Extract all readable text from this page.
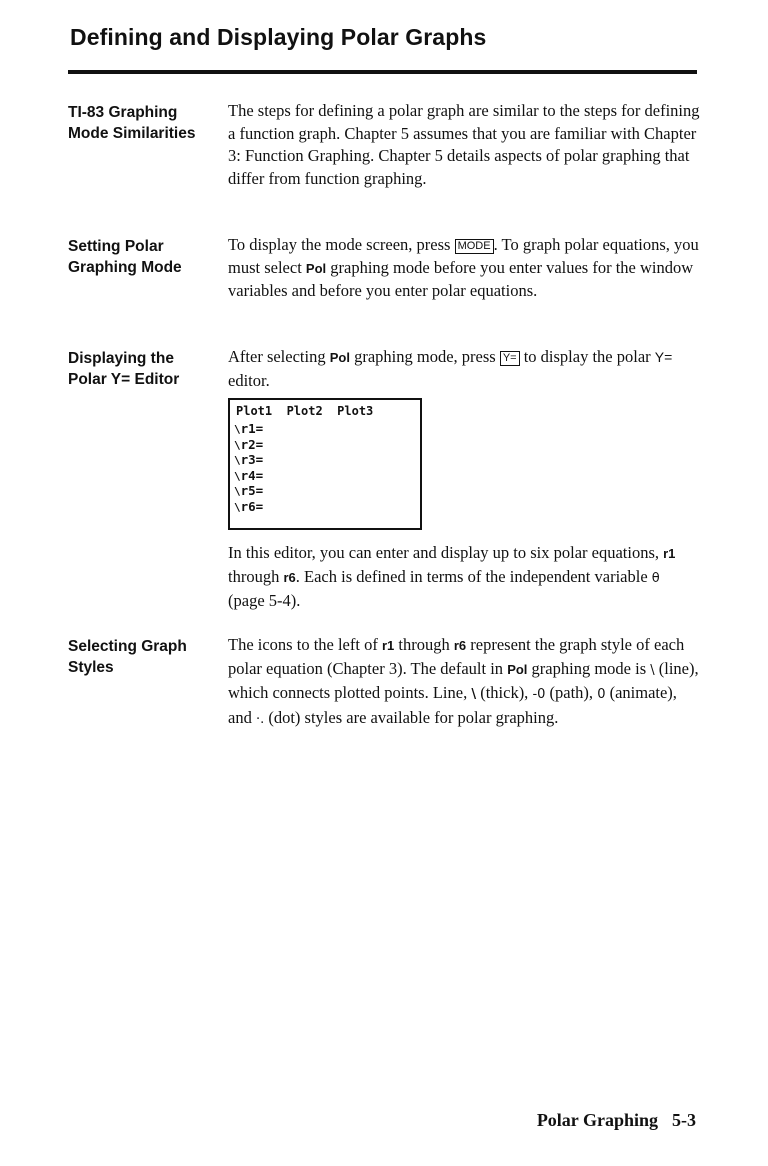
Defining and Displaying Polar Graphs
TI-83 Graphing
Mode Similarities

The steps for defining a polar graph are similar to the steps for defining a function graph. Chapter 5 assumes that you are familiar with Chapter 3: Function Graphing. Chapter 5 details aspects of polar graphing that differ from function graphing.

Setting Polar
Graphing Mode

To display the mode screen, press MODE . To graph polar equations, you must select Pol graphing mode before you enter values for the window variables and before you enter polar equations.

Displaying the
Polar Y= Editor

After selecting Pol graphing mode, press Y= to display the polar Y= editor.

Plot1  Plot2  Plot3
\r1=
\r2=
\r3=
\r4=
\r5=
\r6=

In this editor, you can enter and display up to six polar equations, r1 through r6. Each is defined in terms of the independent variable θ (page 5-4).

Selecting Graph
Styles

The icons to the left of r1 through r6 represent the graph style of each polar equation (Chapter 3). The default in Pol graphing mode is \ (line), which connects plotted points. Line, \ (thick), -0 (path), 0 (animate), and ·. (dot) styles are available for polar graphing.

Polar Graphing 5-3
